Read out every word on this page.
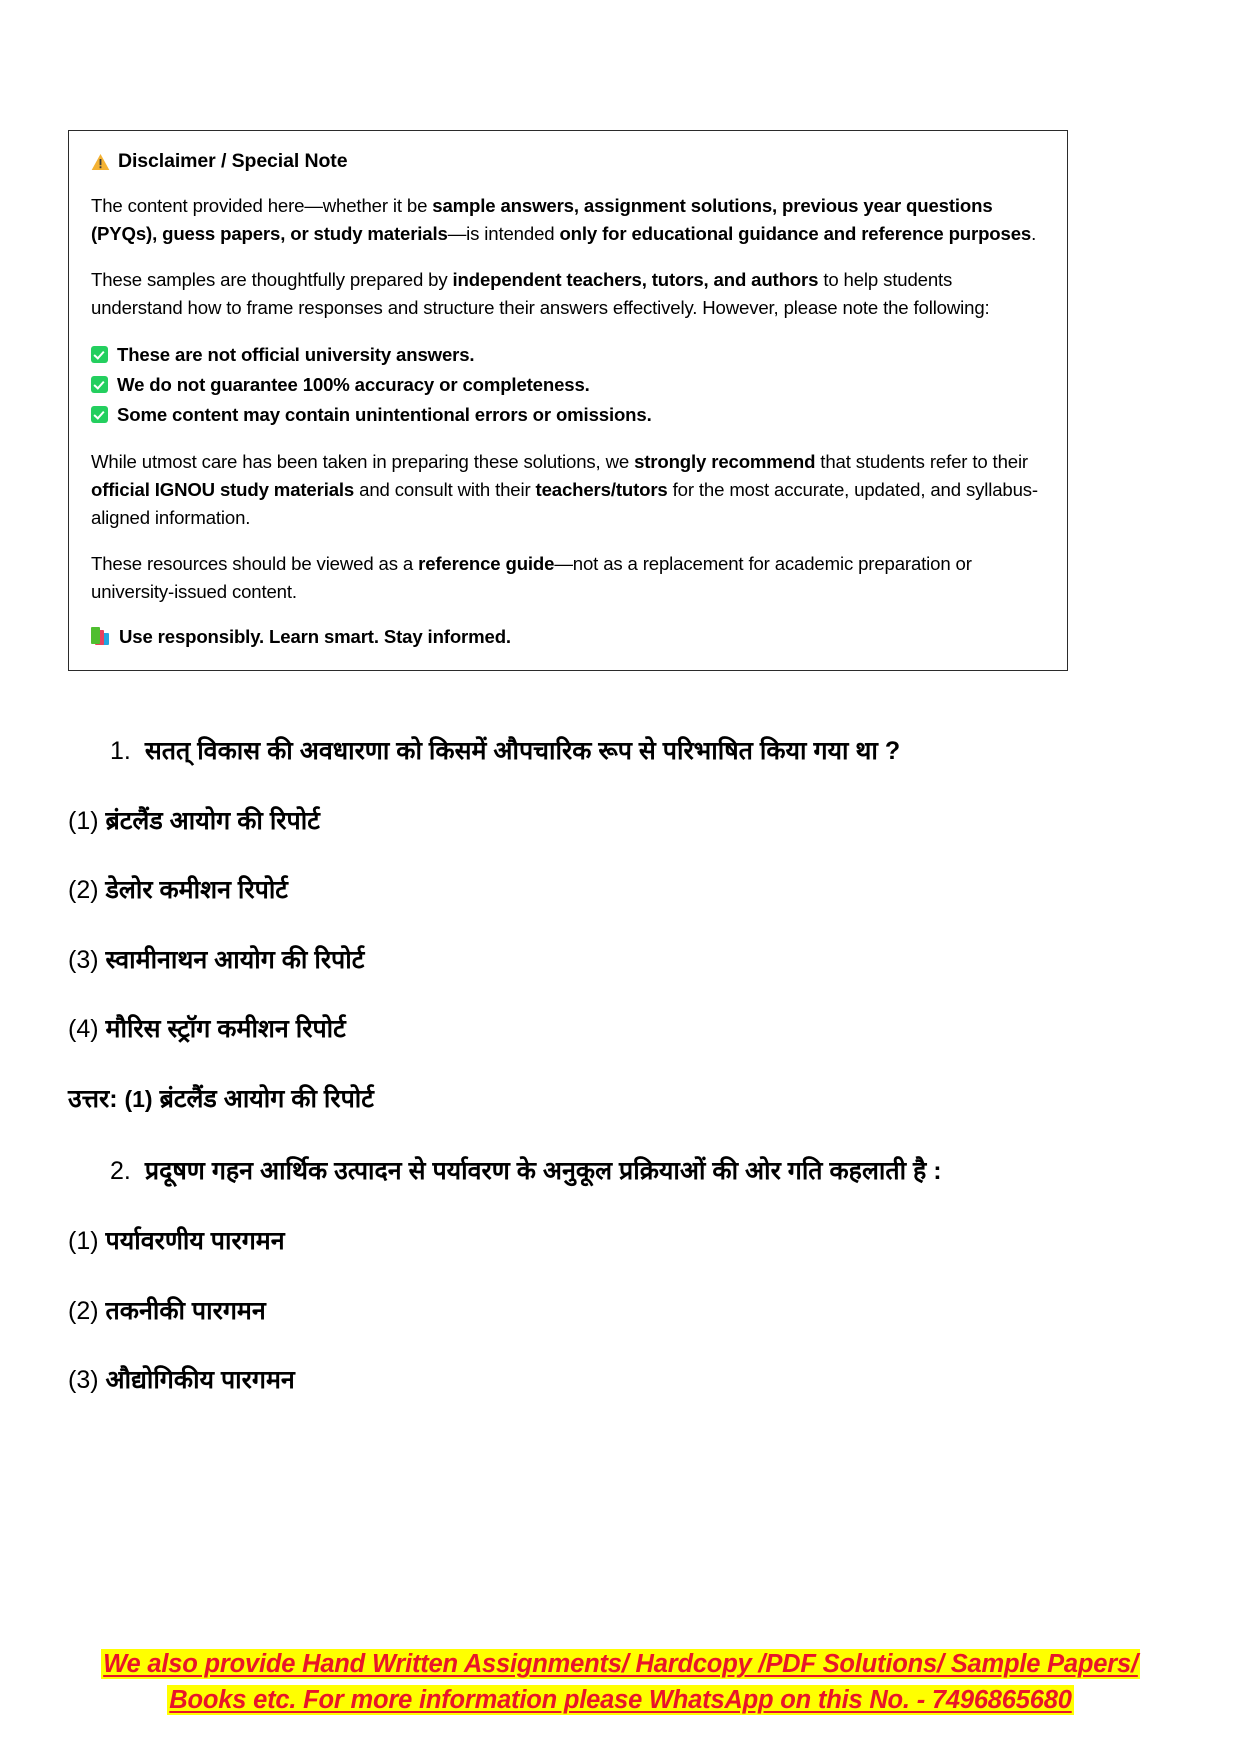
Disclaimer / Special Note

The content provided here—whether it be sample answers, assignment solutions, previous year questions (PYQs), guess papers, or study materials—is intended only for educational guidance and reference purposes.

These samples are thoughtfully prepared by independent teachers, tutors, and authors to help students understand how to frame responses and structure their answers effectively. However, please note the following:

These are not official university answers.
We do not guarantee 100% accuracy or completeness.
Some content may contain unintentional errors or omissions.

While utmost care has been taken in preparing these solutions, we strongly recommend that students refer to their official IGNOU study materials and consult with their teachers/tutors for the most accurate, updated, and syllabus-aligned information.

These resources should be viewed as a reference guide—not as a replacement for academic preparation or university-issued content.

Use responsibly. Learn smart. Stay informed.

1. सतत् विकास की अवधारणा को किसमें औपचारिक रूप से परिभाषित किया गया था ?
(1) ब्रंटलैंड आयोग की रिपोर्ट
(2) डेलोर कमीशन रिपोर्ट
(3) स्वामीनाथन आयोग की रिपोर्ट
(4) मौरिस स्ट्रॉग कमीशन रिपोर्ट
उत्तर: (1) ब्रंटलैंड आयोग की रिपोर्ट
2. प्रदूषण गहन आर्थिक उत्पादन से पर्यावरण के अनुकूल प्रक्रियाओं की ओर गति कहलाती है :
(1) पर्यावरणीय पारगमन
(2) तकनीकी पारगमन
(3) औद्योगिकीय पारगमन
We also provide Hand Written Assignments/ Hardcopy /PDF Solutions/ Sample Papers/
Books etc. For more information please WhatsApp on this No. - 7496865680
